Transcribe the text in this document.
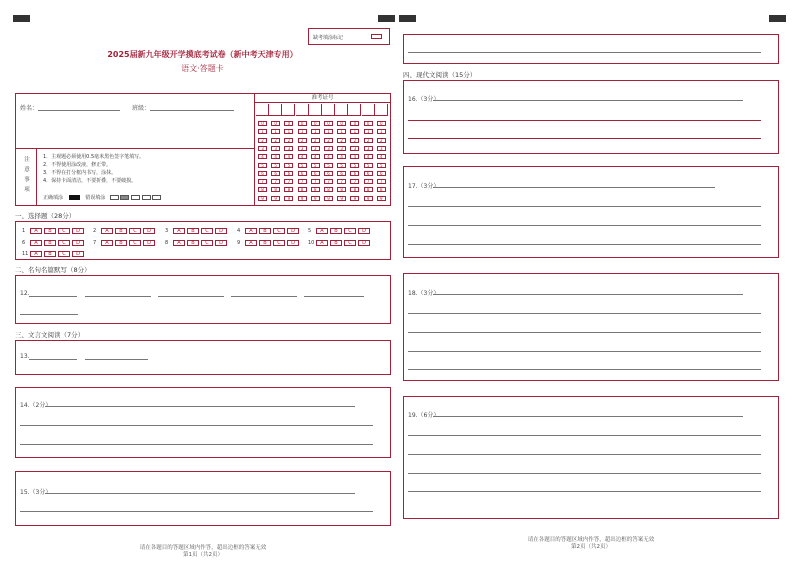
缺考填涂标记
2025届新九年级开学摸底考试卷（新中考天津专用）
语文·答题卡
姓名：	班级：
准考证号
0
1
2
3
4
5
6
7
8
9
0
1
2
3
4
5
6
7
8
9
0
1
2
3
4
5
6
7
8
9
0
1
2
3
4
5
6
7
8
9
0
1
2
3
4
5
6
7
8
9
0
1
2
3
4
5
6
7
8
9
0
1
2
3
4
5
6
7
8
9
0
1
2
3
4
5
6
7
8
9
0
1
2
3
4
5
6
7
8
9
0
1
2
3
4
5
6
7
8
9
注
意
事
项
1．主观题必须使用0.5毫米黑色签字笔填写。
2．不得使用涂改液，修正带。
3．不得在打分框内书写，涂抹。
4．保持卡面清洁，不要折叠，不要破损。
正确填涂	错误填涂
一、选择题（28分）
1 A B C D	2 A B C D	3 A B C D	4 A B C D	5 A B C D
6 A B C D	7 A B C D	8 A B C D	9 A B C D	10 A B C D
11 A B C D
二、名句名篇默写（8分）
12.
三、文言文阅读（7分）
13.
14.（2分）
15.（3分）
请在各题目的答题区域内作答，超出边框的答案无效
第1页（共2页）
四、现代文阅读（15分）
16.（3分）
17.（3分）
18.（3分）
19.（6分）
请在各题目的答题区域内作答，超出边框的答案无效
第2页（共2页）
